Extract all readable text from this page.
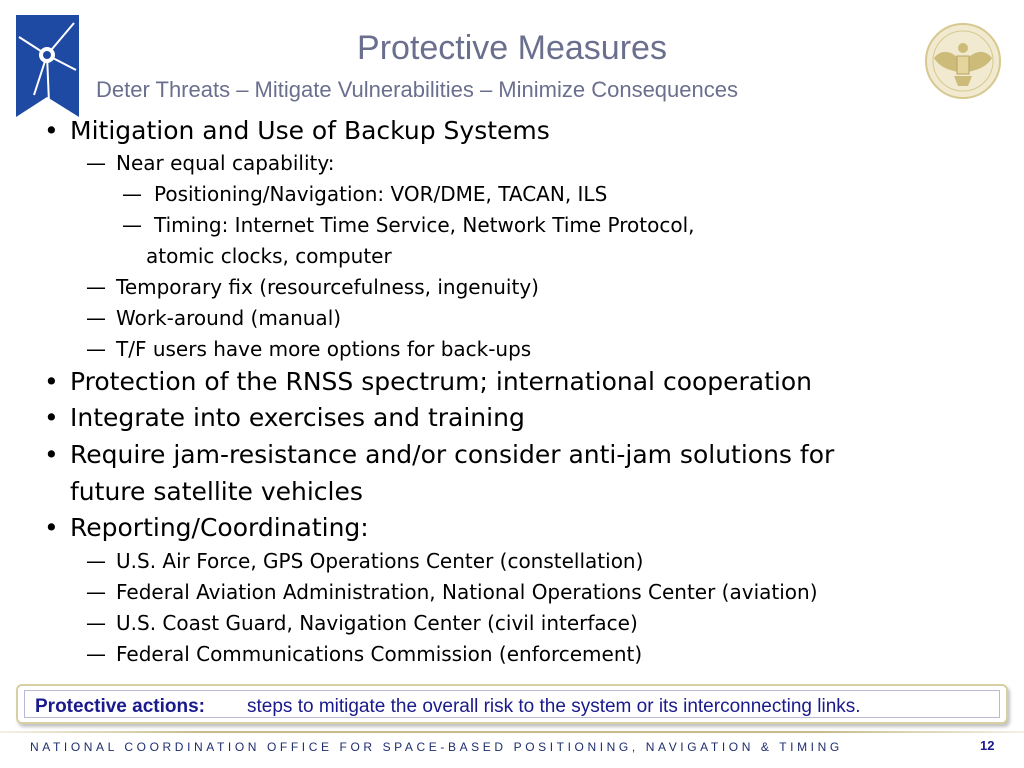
Protective Measures
Deter Threats – Mitigate Vulnerabilities – Minimize Consequences
• Mitigation and Use of Backup Systems
— Near equal capability:
— Positioning/Navigation: VOR/DME, TACAN, ILS
— Timing: Internet Time Service, Network Time Protocol,
atomic clocks, computer
— Temporary fix (resourcefulness, ingenuity)
— Work-around (manual)
— T/F users have more options for back-ups
• Protection of the RNSS spectrum; international cooperation
• Integrate into exercises and training
• Require jam-resistance and/or consider anti-jam solutions for
future satellite vehicles
• Reporting/Coordinating:
— U.S. Air Force, GPS Operations Center (constellation)
— Federal Aviation Administration, National Operations Center (aviation)
— U.S. Coast Guard, Navigation Center (civil interface)
— Federal Communications Commission (enforcement)
Protective actions: steps to mitigate the overall risk to the system or its interconnecting links.
NATIONAL COORDINATION OFFICE FOR SPACE-BASED POSITIONING, NAVIGATION & TIMING	12
